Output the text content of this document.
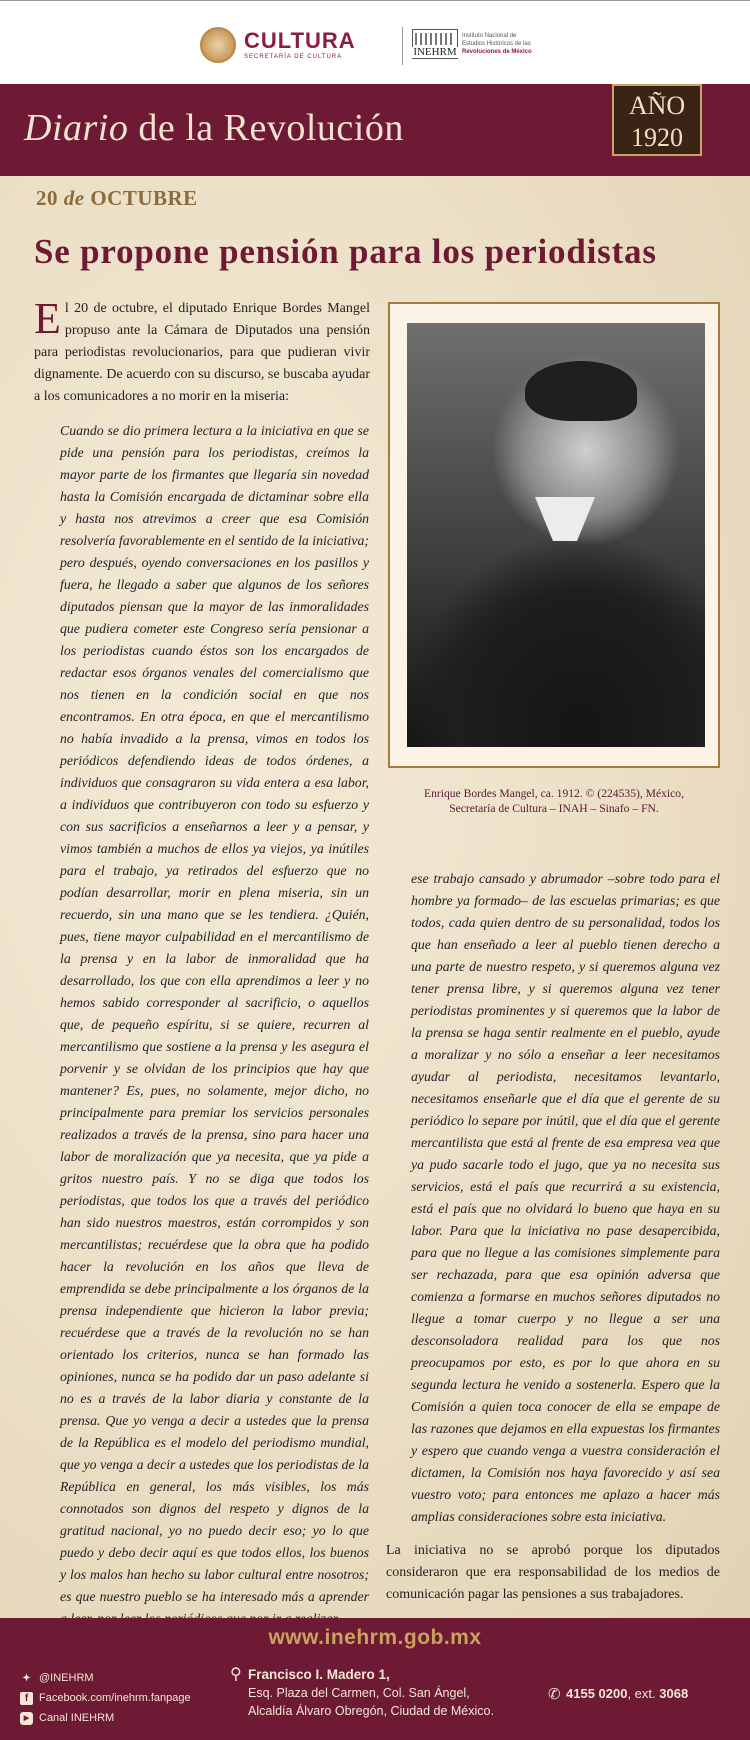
CULTURA
SECRETARÍA DE CULTURA	INEHRM
Instituto Nacional de
Estudios Históricos de las
Revoluciones de México
Diario de la Revolución
AÑO
1920
20 de OCTUBRE
Se propone pensión para los periodistas
El 20 de octubre, el diputado Enrique Bordes Mangel propuso ante la Cámara de Diputados una pensión para periodistas revolucionarios, para que pudieran vivir dignamente. De acuerdo con su discurso, se buscaba ayudar a los comunicadores a no morir en la miseria:
Cuando se dio primera lectura a la iniciativa en que se pide una pensión para los periodistas, creímos la mayor parte de los firmantes que llegaría sin novedad hasta la Comisión encargada de dictaminar sobre ella y hasta nos atrevimos a creer que esa Comisión resolvería favorablemente en el sentido de la iniciativa; pero después, oyendo conversaciones en los pasillos y fuera, he llegado a saber que algunos de los señores diputados piensan que la mayor de las inmoralidades que pudiera cometer este Congreso sería pensionar a los periodistas cuando éstos son los encargados de redactar esos órganos venales del comercialismo que nos tienen en la condición social en que nos encontramos. En otra época, en que el mercantilismo no había invadido a la prensa, vimos en todos los periódicos defendiendo ideas de todos órdenes, a individuos que consagraron su vida entera a esa labor, a individuos que contribuyeron con todo su esfuerzo y con sus sacrificios a enseñarnos a leer y a pensar, y vimos también a muchos de ellos ya viejos, ya inútiles para el trabajo, ya retirados del esfuerzo que no podían desarrollar, morir en plena miseria, sin un recuerdo, sin una mano que se les tendiera. ¿Quién, pues, tiene mayor culpabilidad en el mercantilismo de la prensa y en la labor de inmoralidad que ha desarrollado, los que con ella aprendimos a leer y no hemos sabido corresponder al sacrificio, o aquellos que, de pequeño espíritu, si se quiere, recurren al mercantilismo que sostiene a la prensa y les asegura el porvenir y se olvidan de los principios que hay que mantener? Es, pues, no solamente, mejor dicho, no principalmente para premiar los servicios personales realizados a través de la prensa, sino para hacer una labor de moralización que ya necesita, que ya pide a gritos nuestro país. Y no se diga que todos los periodistas, que todos los que a través del periódico han sido nuestros maestros, están corrompidos y son mercantilistas; recuérdese que la obra que ha podido hacer la revolución en los años que lleva de emprendida se debe principalmente a los órganos de la prensa independiente que hicieron la labor previa; recuérdese que a través de la revolución no se han orientado los criterios, nunca se han formado las opiniones, nunca se ha podido dar un paso adelante si no es a través de la labor diaria y constante de la prensa. Que yo venga a decir a ustedes que la prensa de la República es el modelo del periodismo mundial, que yo venga a decir a ustedes que los periodistas de la República en general, los más visibles, los más connotados son dignos del respeto y dignos de la gratitud nacional, yo no puedo decir eso; yo lo que puedo y debo decir aquí es que todos ellos, los buenos y los malos han hecho su labor cultural entre nosotros; es que nuestro pueblo se ha interesado más a aprender
Enrique Bordes Mangel, ca. 1912. © (224535), México,
Secretaría de Cultura – INAH – Sinafo – FN.
ese trabajo cansado y abrumador –sobre todo para el hombre ya formado– de las escuelas primarias; es que todos, cada quien dentro de su personalidad, todos los que han enseñado a leer al pueblo tienen derecho a una parte de nuestro respeto, y si queremos alguna vez tener prensa libre, y si queremos alguna vez tener periodistas prominentes y si queremos que la labor de la prensa se haga sentir realmente en el pueblo, ayude a moralizar y no sólo a enseñar a leer necesitamos ayudar al periodista, necesitamos levantarlo, necesitamos enseñarle que el día que el gerente de su periódico lo separe por inútil, que el día que el gerente mercantilista que está al frente de esa empresa vea que ya pudo sacarle todo el jugo, que ya no necesita sus servicios, está el país que recurrirá a su existencia, está el país que no olvidará lo bueno que haya en su labor. Para que la iniciativa no pase desapercibida, para que no llegue a las comisiones simplemente para ser rechazada, para que esa opinión adversa que comienza a formarse en muchos señores diputados no llegue a tomar cuerpo y no llegue a ser una desconsoladora realidad para los que nos preocupamos por esto, es por lo que ahora en su segunda lectura he venido a sostenerla. Espero que la Comisión a quien toca conocer de ella se empape de las razones que dejamos en ella expuestas los firmantes y espero que cuando venga a vuestra consideración el dictamen, la Comisión nos haya favorecido y así sea vuestro voto; para entonces me aplazo a hacer más amplias consideraciones sobre esta iniciativa.
La iniciativa no se aprobó porque los diputados consideraron que era responsabilidad de los medios de comunicación pagar las pensiones a sus trabajadores.
www.inehrm.gob.mx
✦ @INEHRM
f Facebook.com/inehrm.fanpage
▶ Canal INEHRM
⚲ Francisco I. Madero 1,
Esq. Plaza del Carmen, Col. San Ángel,
Alcaldía Álvaro Obregón, Ciudad de México.
✆ 4155 0200, ext. 3068
